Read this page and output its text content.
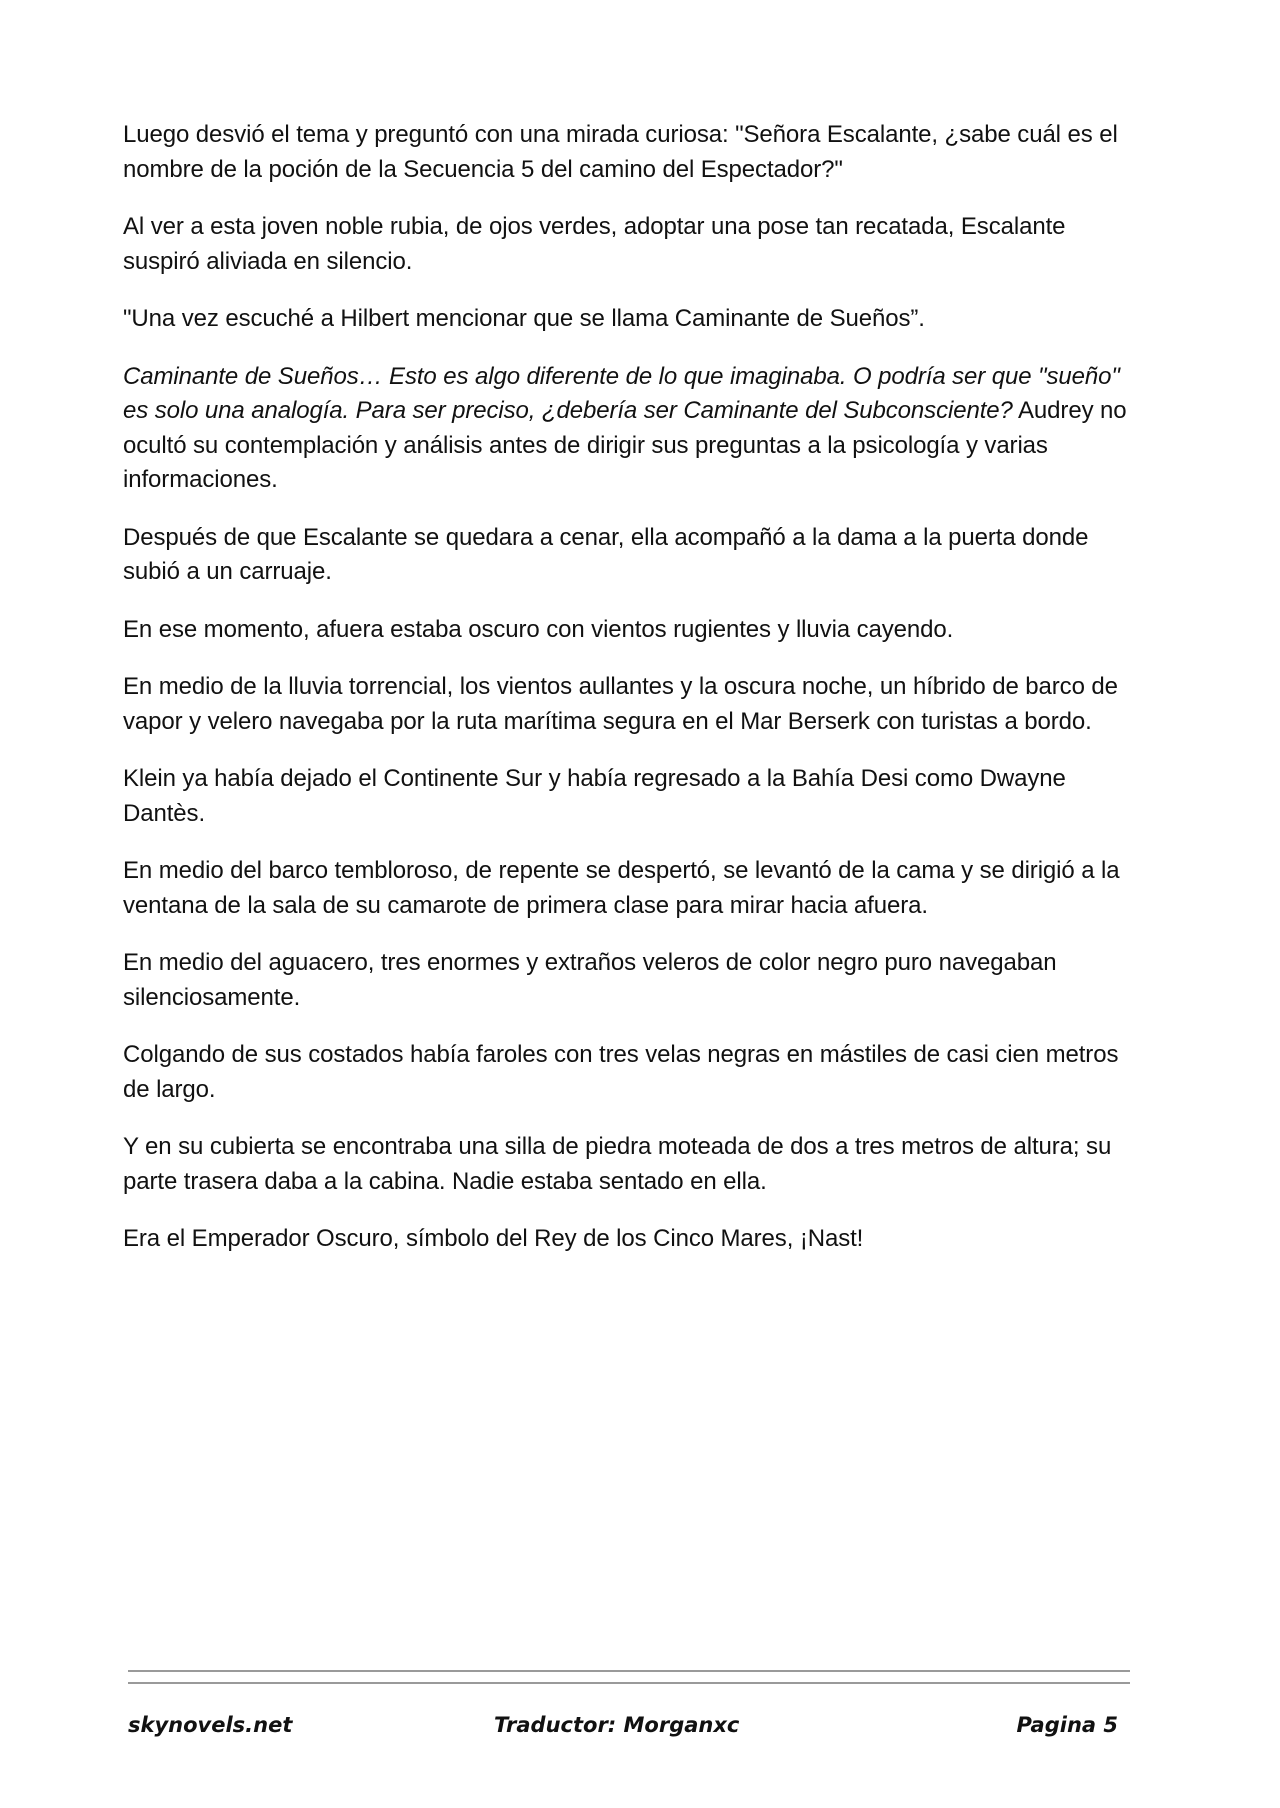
Luego desvió el tema y preguntó con una mirada curiosa: "Señora Escalante, ¿sabe cuál es el nombre de la poción de la Secuencia 5 del camino del Espectador?"

Al ver a esta joven noble rubia, de ojos verdes, adoptar una pose tan recatada, Escalante suspiró aliviada en silencio.

"Una vez escuché a Hilbert mencionar que se llama Caminante de Sueños”.

Caminante de Sueños… Esto es algo diferente de lo que imaginaba. O podría ser que "sueño" es solo una analogía. Para ser preciso, ¿debería ser Caminante del Subconsciente? Audrey no ocultó su contemplación y análisis antes de dirigir sus preguntas a la psicología y varias informaciones.

Después de que Escalante se quedara a cenar, ella acompañó a la dama a la puerta donde subió a un carruaje.

En ese momento, afuera estaba oscuro con vientos rugientes y lluvia cayendo.

En medio de la lluvia torrencial, los vientos aullantes y la oscura noche, un híbrido de barco de vapor y velero navegaba por la ruta marítima segura en el Mar Berserk con turistas a bordo.

Klein ya había dejado el Continente Sur y había regresado a la Bahía Desi como Dwayne Dantès.

En medio del barco tembloroso, de repente se despertó, se levantó de la cama y se dirigió a la ventana de la sala de su camarote de primera clase para mirar hacia afuera.

En medio del aguacero, tres enormes y extraños veleros de color negro puro navegaban silenciosamente.

Colgando de sus costados había faroles con tres velas negras en mástiles de casi cien metros de largo.

Y en su cubierta se encontraba una silla de piedra moteada de dos a tres metros de altura; su parte trasera daba a la cabina. Nadie estaba sentado en ella.

Era el Emperador Oscuro, símbolo del Rey de los Cinco Mares, ¡Nast!

skynovels.net	Traductor: Morganxc	Pagina 5
